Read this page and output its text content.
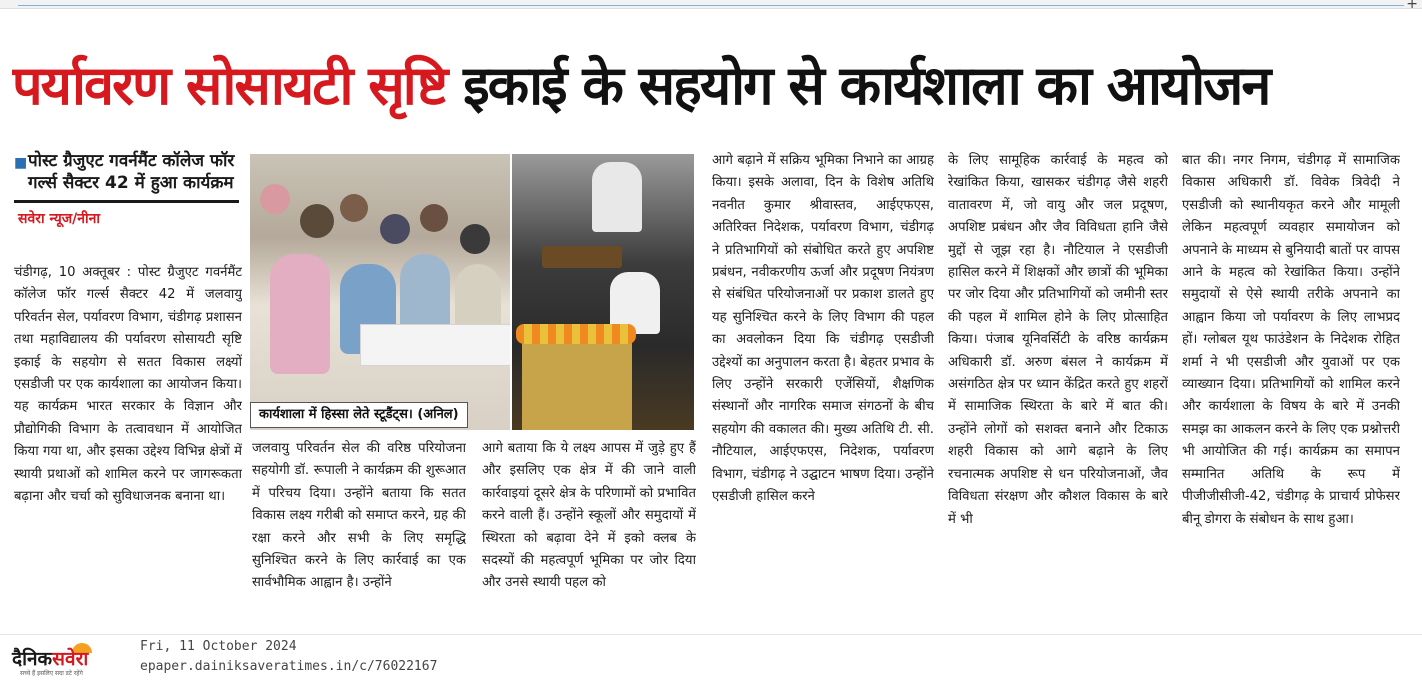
+
पर्यावरण सोसायटी सृष्टि इकाई के सहयोग से कार्यशाला का आयोजन
■ पोस्ट ग्रैजुएट गवर्नमैंट कॉलेज फॉर गर्ल्स सैक्टर 42 में हुआ कार्यक्रम
सवेरा न्यूज/नीना
चंडीगढ़, 10 अक्तूबर : पोस्ट ग्रैजुएट गवर्नमैंट कॉलेज फॉर गर्ल्स सैक्टर 42 में जलवायु परिवर्तन सेल, पर्यावरण विभाग, चंडीगढ़ प्रशासन तथा महाविद्यालय की पर्यावरण सोसायटी सृष्टि इकाई के सहयोग से सतत विकास लक्ष्यों एसडीजी पर एक कार्यशाला का आयोजन किया। यह कार्यक्रम भारत सरकार के विज्ञान और प्रौद्योगिकी विभाग के तत्वावधान में आयोजित किया गया था, और इसका उद्देश्य विभिन्न क्षेत्रों में स्थायी प्रथाओं को शामिल करने पर जागरूकता बढ़ाना और चर्चा को सुविधाजनक बनाना था।
कार्यशाला में हिस्सा लेते स्टूडैंट्स। (अनिल)
जलवायु परिवर्तन सेल की वरिष्ठ परियोजना सहयोगी डॉ. रूपाली ने कार्यक्रम की शुरूआत में परिचय दिया। उन्होंने बताया कि सतत विकास लक्ष्य गरीबी को समाप्त करने, ग्रह की रक्षा करने और सभी के लिए समृद्धि सुनिश्चित करने के लिए कार्रवाई का एक सार्वभौमिक आह्वान है। उन्होंने
आगे बताया कि ये लक्ष्य आपस में जुड़े हुए हैं और इसलिए एक क्षेत्र में की जाने वाली कार्रवाइयां दूसरे क्षेत्र के परिणामों को प्रभावित करने वाली हैं। उन्होंने स्कूलों और समुदायों में स्थिरता को बढ़ावा देने में इको क्लब के सदस्यों की महत्वपूर्ण भूमिका पर जोर दिया और उनसे स्थायी पहल को
आगे बढ़ाने में सक्रिय भूमिका निभाने का आग्रह किया। इसके अलावा, दिन के विशेष अतिथि नवनीत कुमार श्रीवास्तव, आईएफएस, अतिरिक्त निदेशक, पर्यावरण विभाग, चंडीगढ़ ने प्रतिभागियों को संबोधित करते हुए अपशिष्ट प्रबंधन, नवीकरणीय ऊर्जा और प्रदूषण नियंत्रण से संबंधित परियोजनाओं पर प्रकाश डालते हुए यह सुनिश्चित करने के लिए विभाग की पहल का अवलोकन दिया कि चंडीगढ़ एसडीजी उद्देश्यों का अनुपालन करता है। बेहतर प्रभाव के लिए उन्होंने सरकारी एजेंसियों, शैक्षणिक संस्थानों और नागरिक समाज संगठनों के बीच सहयोग की वकालत की। मुख्य अतिथि टी. सी. नौटियाल, आईएफएस, निदेशक, पर्यावरण विभाग, चंडीगढ़ ने उद्घाटन भाषण दिया। उन्होंने एसडीजी हासिल करने
के लिए सामूहिक कार्रवाई के महत्व को रेखांकित किया, खासकर चंडीगढ़ जैसे शहरी वातावरण में, जो वायु और जल प्रदूषण, अपशिष्ट प्रबंधन और जैव विविधता हानि जैसे मुद्दों से जूझ रहा है। नौटियाल ने एसडीजी हासिल करने में शिक्षकों और छात्रों की भूमिका पर जोर दिया और प्रतिभागियों को जमीनी स्तर की पहल में शामिल होने के लिए प्रोत्साहित किया। पंजाब यूनिवर्सिटी के वरिष्ठ कार्यक्रम अधिकारी डॉ. अरुण बंसल ने कार्यक्रम में असंगठित क्षेत्र पर ध्यान केंद्रित करते हुए शहरों में सामाजिक स्थिरता के बारे में बात की। उन्होंने लोगों को सशक्त बनाने और टिकाऊ शहरी विकास को आगे बढ़ाने के लिए रचनात्मक अपशिष्ट से धन परियोजनाओं, जैव विविधता संरक्षण और कौशल विकास के बारे में भी
बात की। नगर निगम, चंडीगढ़ में सामाजिक विकास अधिकारी डॉ. विवेक त्रिवेदी ने एसडीजी को स्थानीयकृत करने और मामूली लेकिन महत्वपूर्ण व्यवहार समायोजन को अपनाने के माध्यम से बुनियादी बातों पर वापस आने के महत्व को रेखांकित किया। उन्होंने समुदायों से ऐसे स्थायी तरीके अपनाने का आह्वान किया जो पर्यावरण के लिए लाभप्रद हों। ग्लोबल यूथ फाउंडेशन के निदेशक रोहित शर्मा ने भी एसडीजी और युवाओं पर एक व्याख्यान दिया। प्रतिभागियों को शामिल करने और कार्यशाला के विषय के बारे में उनकी समझ का आकलन करने के लिए एक प्रश्नोत्तरी भी आयोजित की गई। कार्यक्रम का समापन सम्मानित अतिथि के रूप में पीजीजीसीजी-42, चंडीगढ़ के प्राचार्य प्रोफेसर बीनू डोगरा के संबोधन के साथ हुआ।
दैनिकसवेरा
सच्चे हैं इसलिए सदा डटे रहेंगे
Fri, 11 October 2024
epaper.dainiksaveratimes.in/c/76022167
